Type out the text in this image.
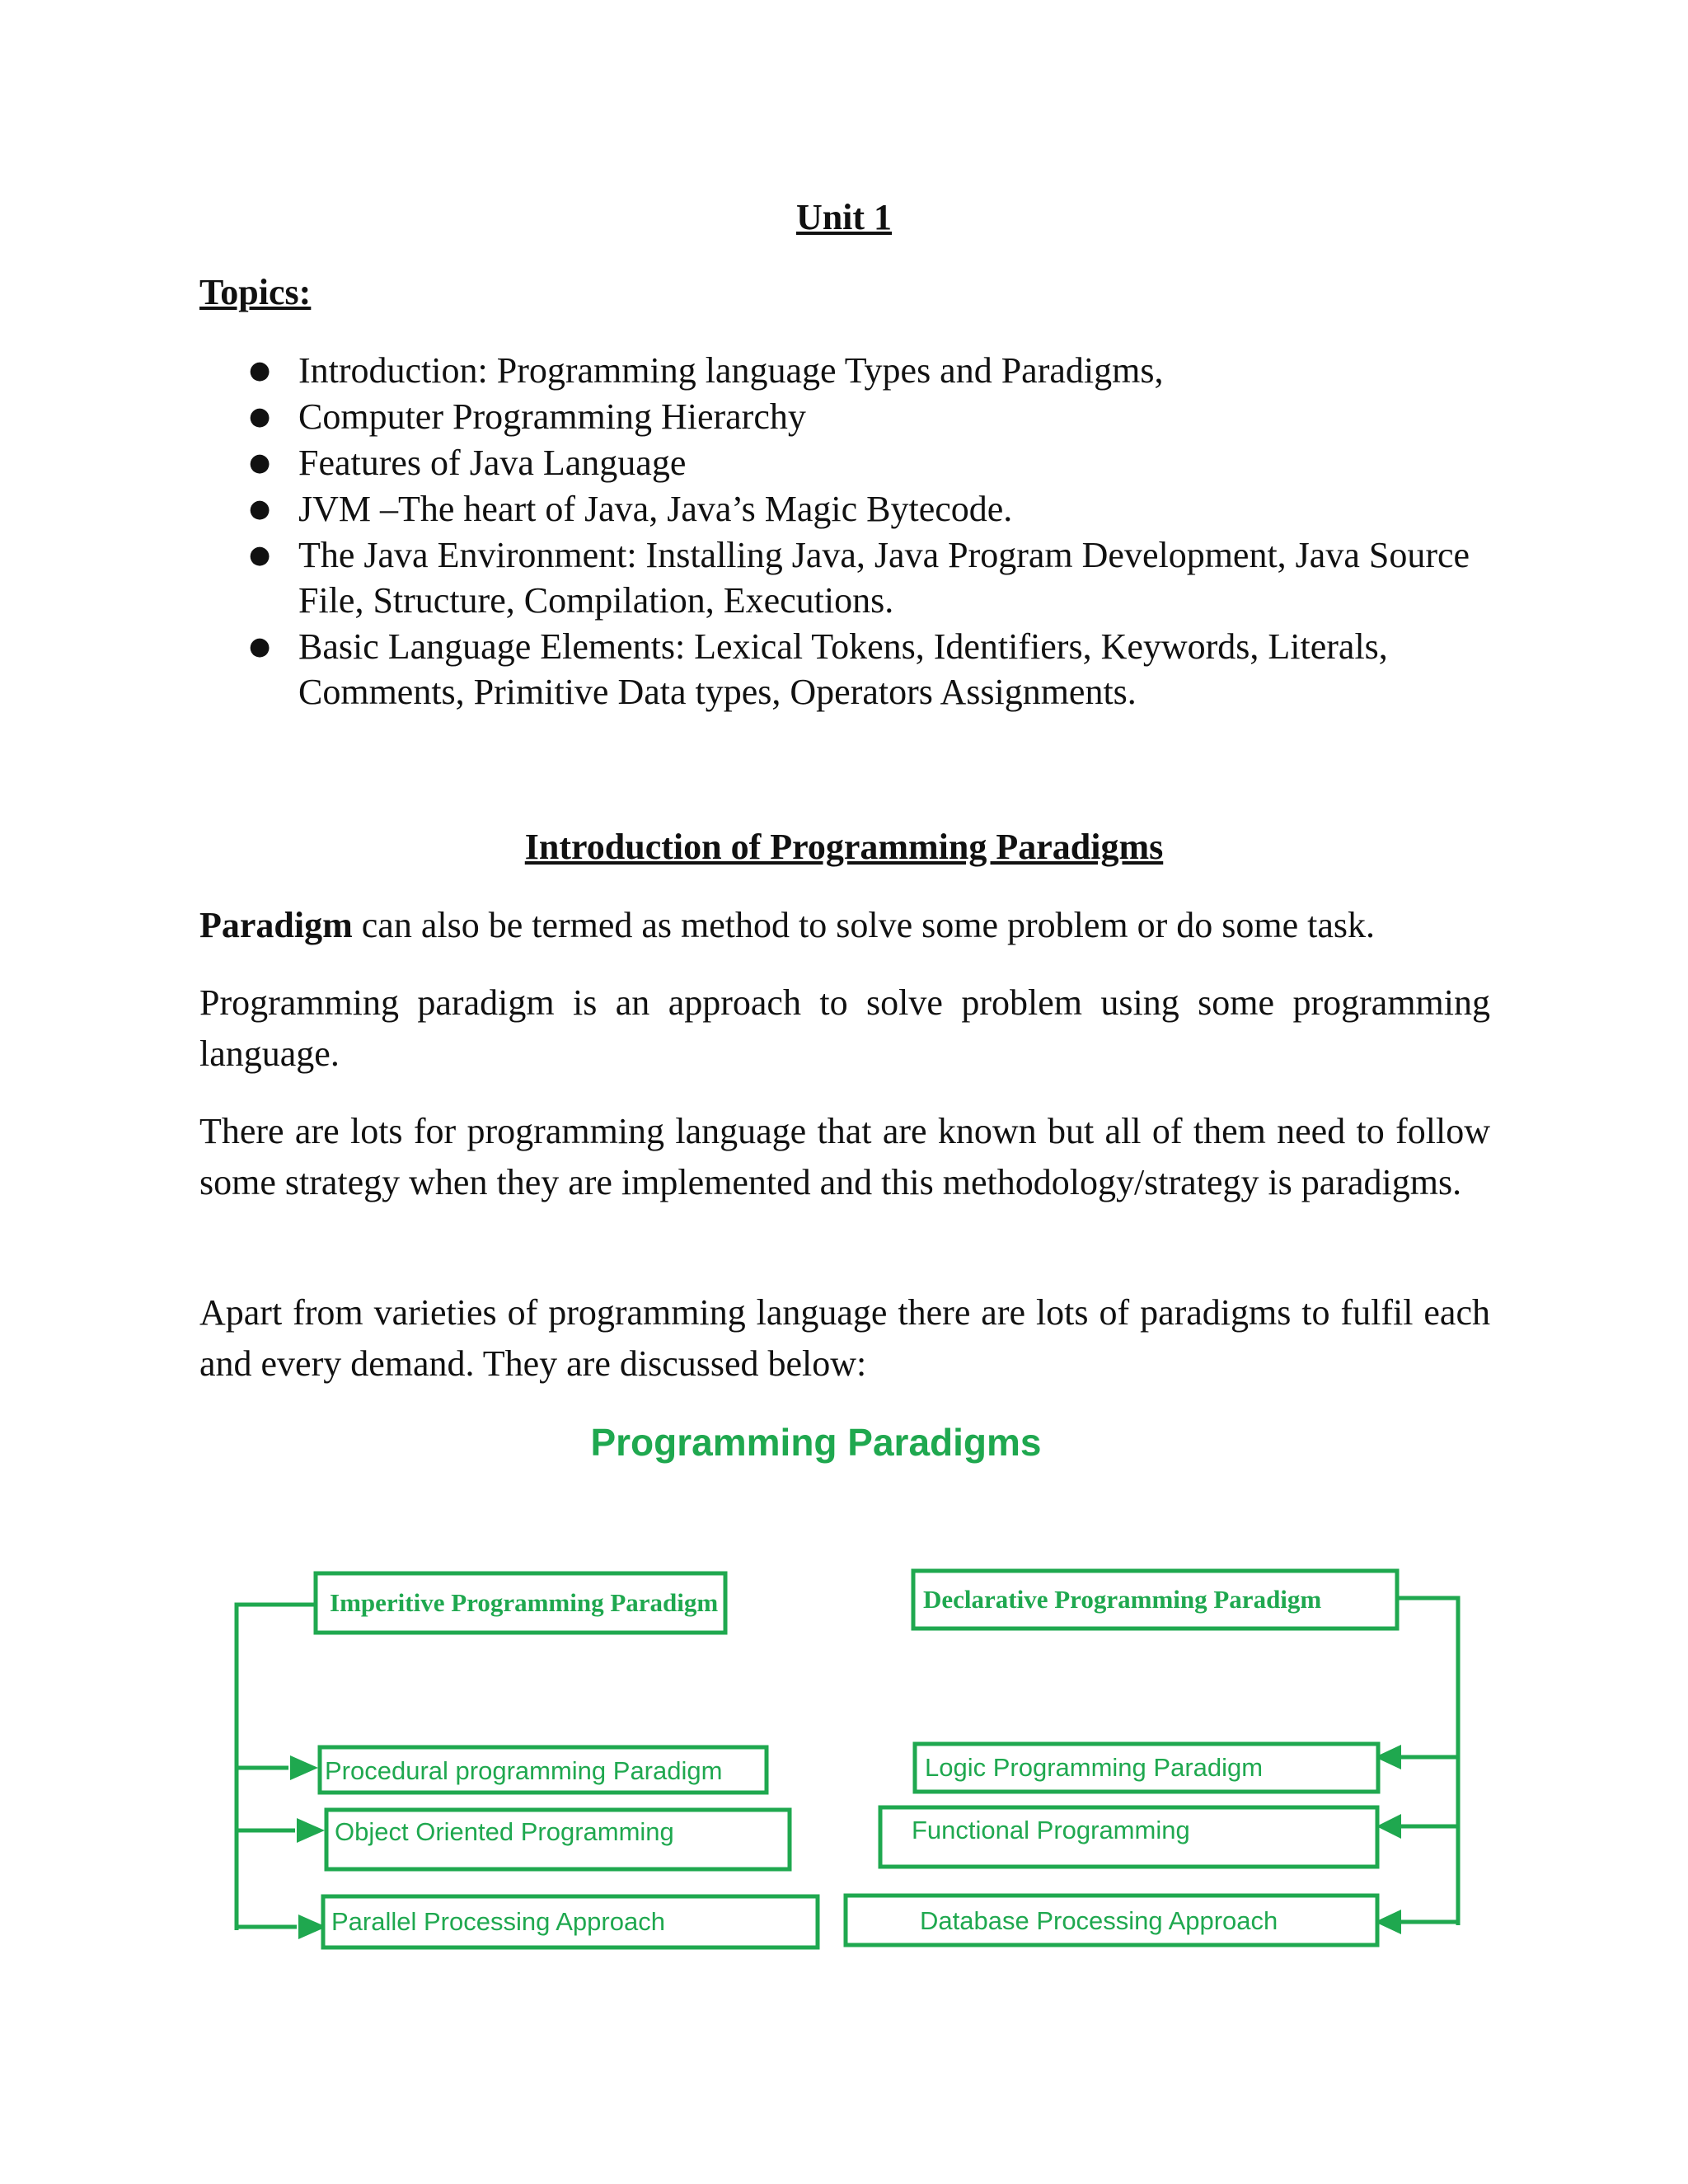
Unit 1
Topics:
● Introduction: Programming language Types and Paradigms,
● Computer Programming Hierarchy
● Features of Java Language
● JVM –The heart of Java, Java’s Magic Bytecode.
● The Java Environment: Installing Java, Java Program Development, Java Source File, Structure, Compilation, Executions.
● Basic Language Elements: Lexical Tokens, Identifiers, Keywords, Literals, Comments, Primitive Data types, Operators Assignments.
Introduction of Programming Paradigms

Paradigm can also be termed as method to solve some problem or do some task.

Programming paradigm is an approach to solve problem using some programming language.

There are lots for programming language that are known but all of them need to follow some strategy when they are implemented and this methodology/strategy is paradigms.

Apart from varieties of programming language there are lots of paradigms to fulfil each and every demand. They are discussed below:

Programming Paradigms
Imperitive Programming Paradigm	Declarative Programming Paradigm
Procedural programming Paradigm
Object Oriented Programming
Parallel Processing Approach
Logic Programming Paradigm
Functional Programming
Database Processing Approach
